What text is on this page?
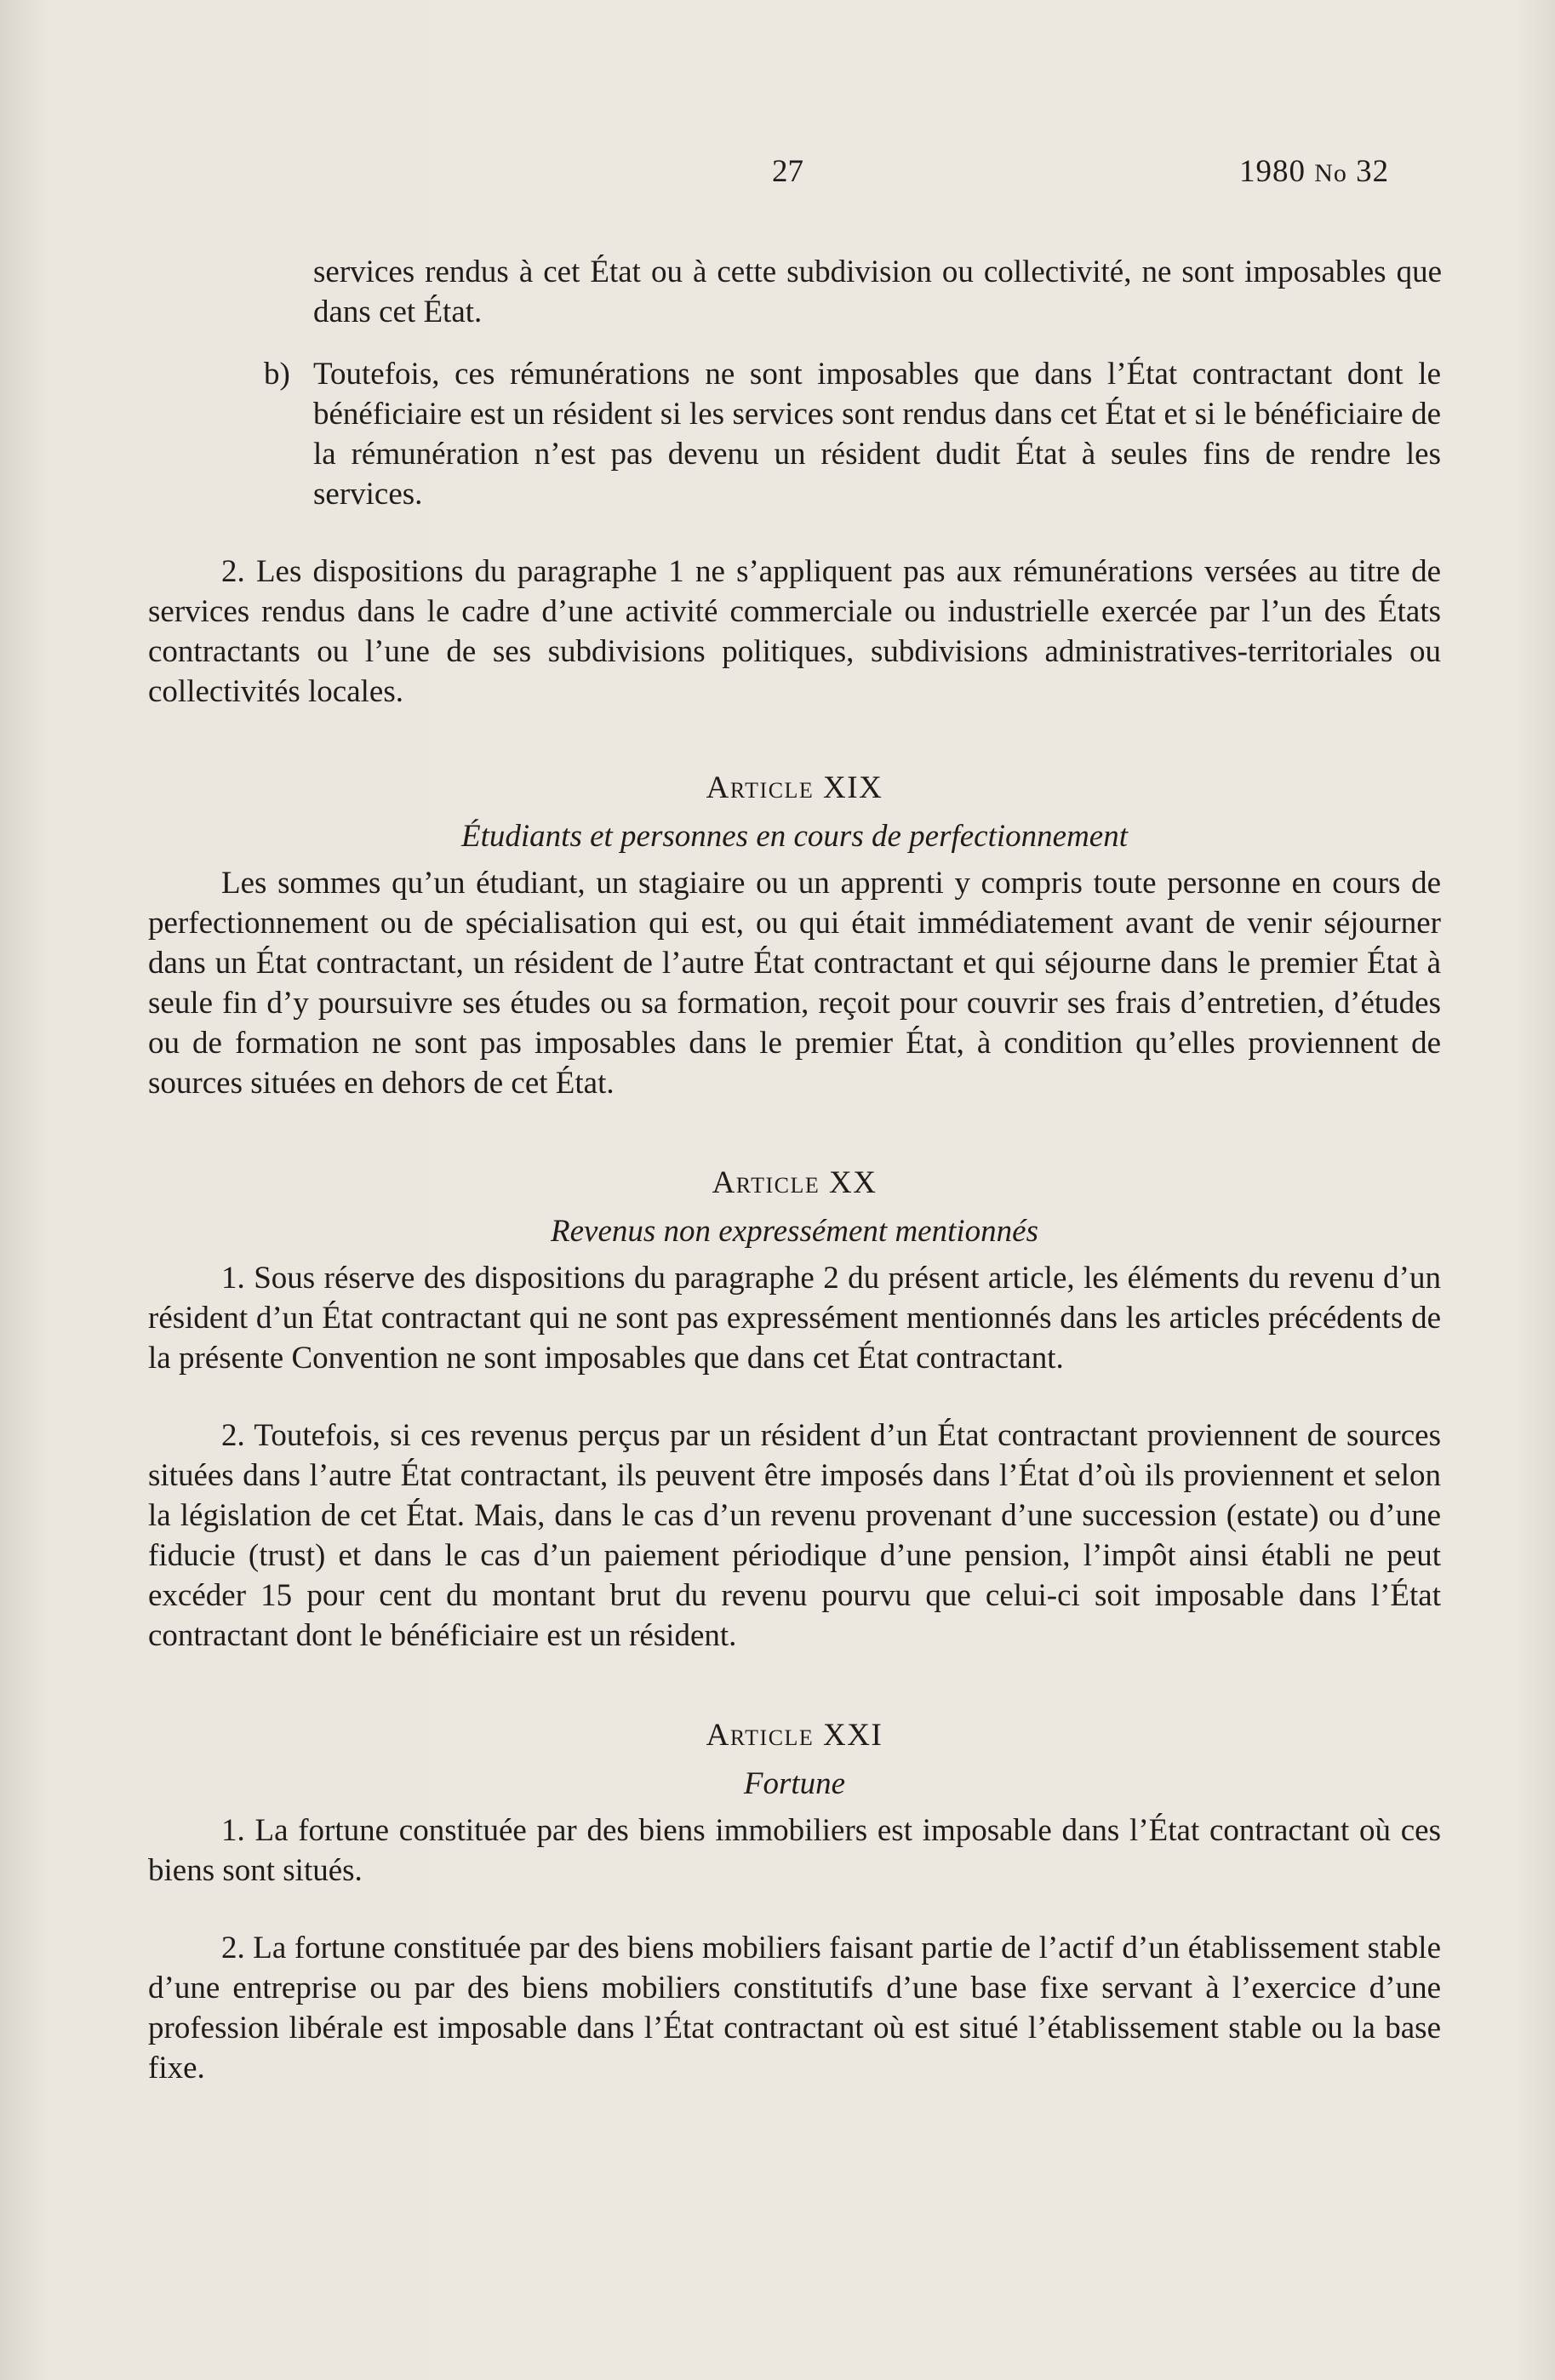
27	1980 No 32

services rendus à cet État ou à cette subdivision ou collectivité, ne sont imposables que dans cet État.

b) Toutefois, ces rémunérations ne sont imposables que dans l’État contractant dont le bénéficiaire est un résident si les services sont rendus dans cet État et si le bénéficiaire de la rémunération n’est pas devenu un résident dudit État à seules fins de rendre les services.

2. Les dispositions du paragraphe 1 ne s’appliquent pas aux rémunérations versées au titre de services rendus dans le cadre d’une activité commerciale ou industrielle exercée par l’un des États contractants ou l’une de ses subdivisions politiques, subdivisions administratives-territoriales ou collectivités locales.

Article XIX
Étudiants et personnes en cours de perfectionnement

Les sommes qu’un étudiant, un stagiaire ou un apprenti y compris toute personne en cours de perfectionnement ou de spécialisation qui est, ou qui était immédiatement avant de venir séjourner dans un État contractant, un résident de l’autre État contractant et qui séjourne dans le premier État à seule fin d’y poursuivre ses études ou sa formation, reçoit pour couvrir ses frais d’entretien, d’études ou de formation ne sont pas imposables dans le premier État, à condition qu’elles proviennent de sources situées en dehors de cet État.

Article XX
Revenus non expressément mentionnés

1. Sous réserve des dispositions du paragraphe 2 du présent article, les éléments du revenu d’un résident d’un État contractant qui ne sont pas expressément mentionnés dans les articles précédents de la présente Convention ne sont imposables que dans cet État contractant.

2. Toutefois, si ces revenus perçus par un résident d’un État contractant proviennent de sources situées dans l’autre État contractant, ils peuvent être imposés dans l’État d’où ils proviennent et selon la législation de cet État. Mais, dans le cas d’un revenu provenant d’une succession (estate) ou d’une fiducie (trust) et dans le cas d’un paiement périodique d’une pension, l’impôt ainsi établi ne peut excéder 15 pour cent du montant brut du revenu pourvu que celui-ci soit imposable dans l’État contractant dont le bénéficiaire est un résident.

Article XXI
Fortune

1. La fortune constituée par des biens immobiliers est imposable dans l’État contractant où ces biens sont situés.

2. La fortune constituée par des biens mobiliers faisant partie de l’actif d’un établissement stable d’une entreprise ou par des biens mobiliers constitutifs d’une base fixe servant à l’exercice d’une profession libérale est imposable dans l’État contractant où est situé l’établissement stable ou la base fixe.
